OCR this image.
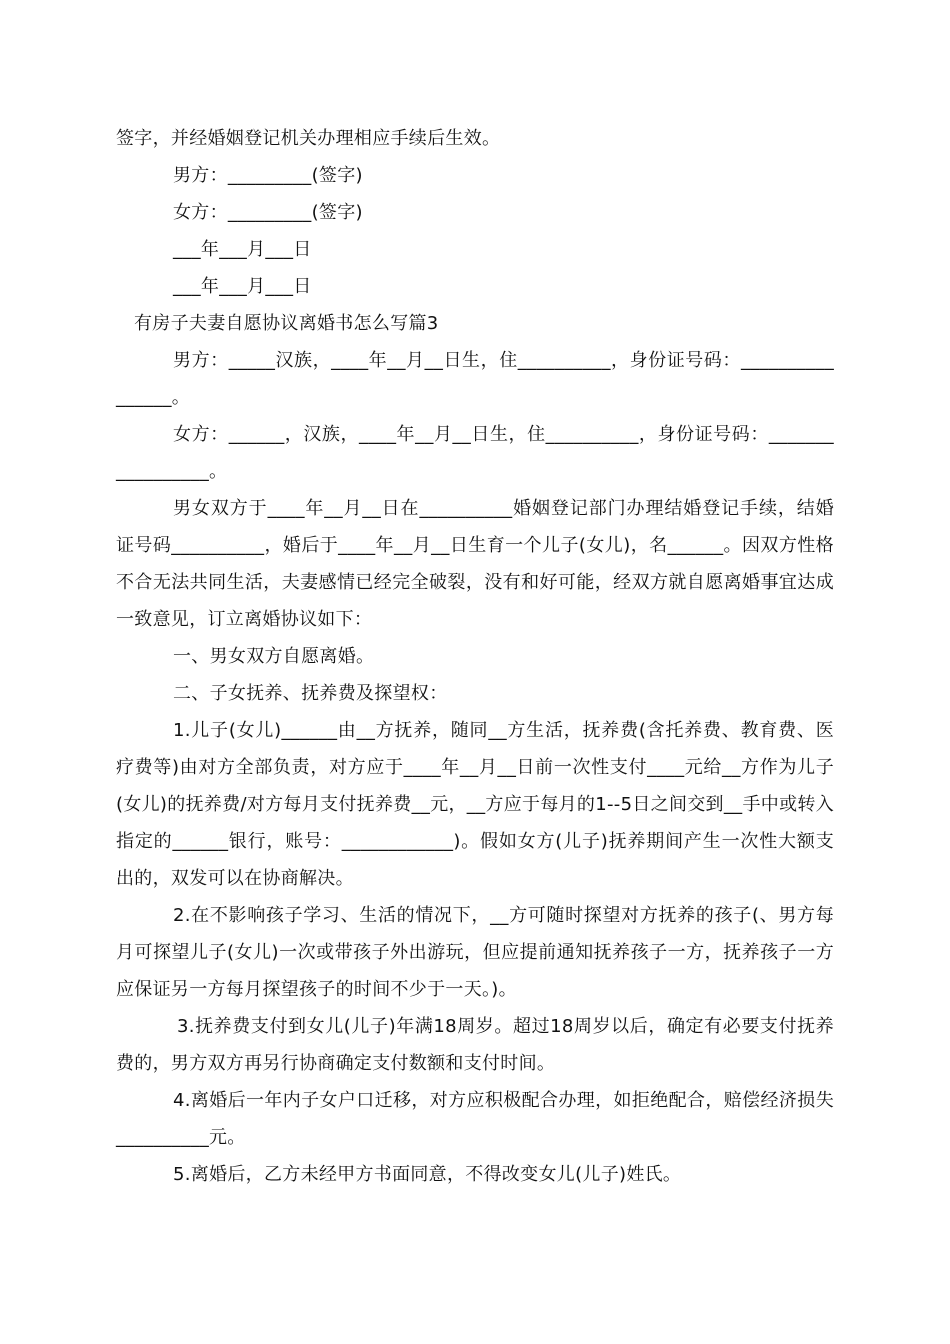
签字，并经婚姻登记机关办理相应手续后生效。
男方：_________(签字)
女方：_________(签字)
___年___月___日
___年___月___日
有房子夫妻自愿协议离婚书怎么写篇3
男方：_____汉族，____年__月__日生，住__________，身份证号码：________________。
女方：______，汉族，____年__月__日生，住__________，身份证号码：_________________。
男女双方于____年__月__日在__________婚姻登记部门办理结婚登记手续，结婚证号码__________，婚后于____年__月__日生育一个儿子(女儿)，名______。因双方性格不合无法共同生活，夫妻感情已经完全破裂，没有和好可能，经双方就自愿离婚事宜达成一致意见，订立离婚协议如下：
一、男女双方自愿离婚。
二、子女抚养、抚养费及探望权：
1.儿子(女儿)______由__方抚养，随同__方生活，抚养费(含托养费、教育费、医疗费等)由对方全部负责，对方应于____年__月__日前一次性支付____元给__方作为儿子(女儿)的抚养费/对方每月支付抚养费__元，__方应于每月的1--5日之间交到__手中或转入指定的______银行，账号：____________)。假如女方(儿子)抚养期间产生一次性大额支出的，双发可以在协商解决。
2.在不影响孩子学习、生活的情况下，__方可随时探望对方抚养的孩子(、男方每月可探望儿子(女儿)一次或带孩子外出游玩，但应提前通知抚养孩子一方，抚养孩子一方应保证另一方每月探望孩子的时间不少于一天。)。
3.抚养费支付到女儿(儿子)年满18周岁。超过18周岁以后，确定有必要支付抚养费的，男方双方再另行协商确定支付数额和支付时间。
4.离婚后一年内子女户口迁移，对方应积极配合办理，如拒绝配合，赔偿经济损失__________元。
5.离婚后，乙方未经甲方书面同意，不得改变女儿(儿子)姓氏。
